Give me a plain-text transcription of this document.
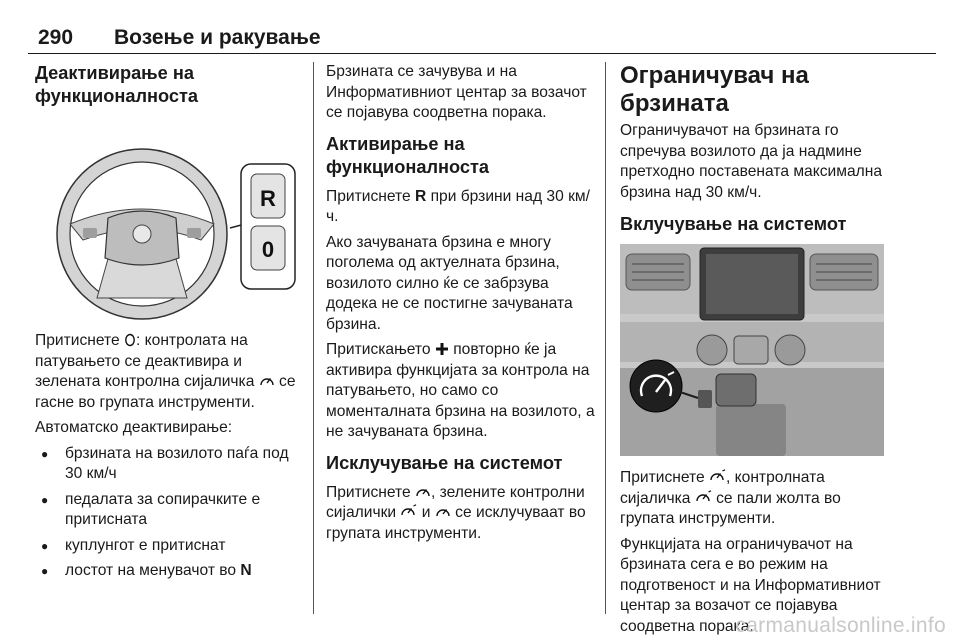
290 Возење и ракување
Деактивирање на функционалноста
R
0

Притиснете : контролата на патувањето се деактивира и зелената контролна сијаличка  се гасне во групата инструменти.

Автоматско деактивирање:

● брзината на возилото паѓа под 30 км/ч
● педалата за сопирачките е притисната
● куплунгот е притиснат
● лостот на менувачот во N

Брзината се зачувува и на Информативниот центар за возачот се појавува соодветна порака.

Активирање на функционалноста

Притиснете R при брзини над 30 км/ч.

Ако зачуваната брзина е многу поголема од актуелната брзина, возилото силно ќе се забрзува додека не се постигне зачуваната брзина.

Притискањето  повторно ќе ја активира функцијата за контрола на патувањето, но само со моменталната брзина на возилото, а не зачуваната брзина.

Исклучување на системот

Притиснете , зелените контролни сијалички  и  се исклучуваат во групата инструменти.

Ограничувач на брзината

Ограничувачот на брзината го спречува возилото да ја надмине претходно поставената максимална брзина над 30 км/ч.

Вклучување на системот

Притиснете , контролната сијаличка  се пали жолта во групата инструменти.

Функцијата на ограничувачот на брзината сега е во режим на подготвеност и на Информативниот центар за возачот се појавува соодветна порака.

carmanualsonline.info
